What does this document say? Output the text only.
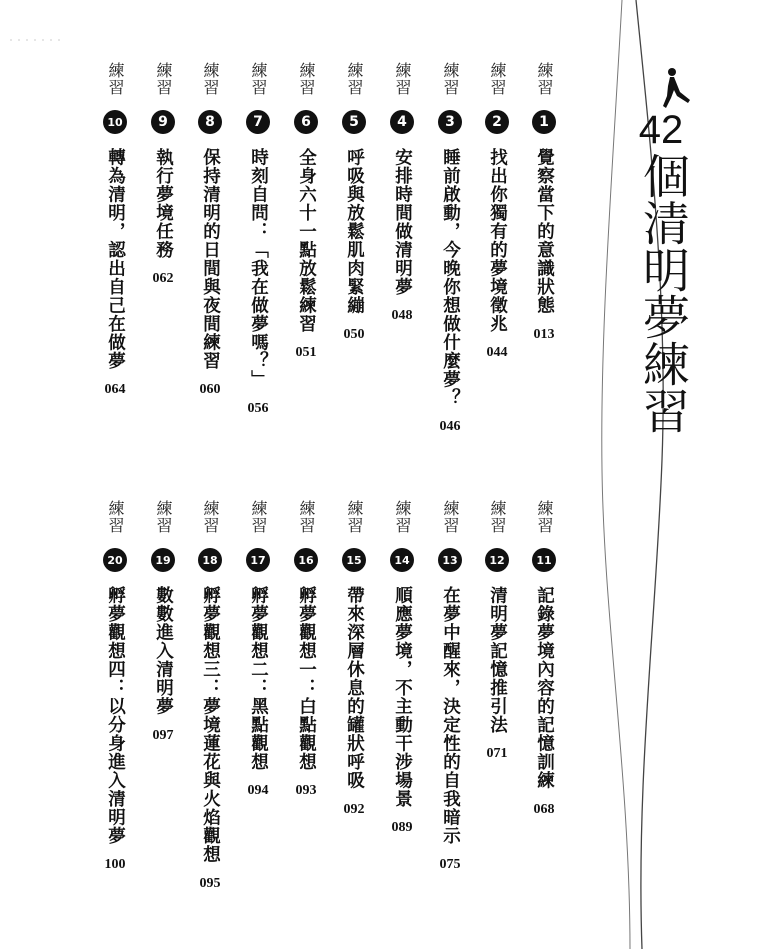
42
個清明夢練習
練習
1
覺察當下的意識狀態
013
練習
2
找出你獨有的夢境徵兆
044
練習
3
睡前啟動，今晚你想做什麼夢？
046
練習
4
安排時間做清明夢
048
練習
5
呼吸與放鬆肌肉緊繃
050
練習
6
全身六十一點放鬆練習
051
練習
7
時刻自問：「我在做夢嗎？」
056
練習
8
保持清明的日間與夜間練習
060
練習
9
執行夢境任務
062
練習
10
轉為清明，認出自己在做夢
064
練習
11
記錄夢境內容的記憶訓練
068
練習
12
清明夢記憶推引法
071
練習
13
在夢中醒來，決定性的自我暗示
075
練習
14
順應夢境，不主動干涉場景
089
練習
15
帶來深層休息的罐狀呼吸
092
練習
16
孵夢觀想一：白點觀想
093
練習
17
孵夢觀想二：黑點觀想
094
練習
18
孵夢觀想三：夢境蓮花與火焰觀想
095
練習
19
數數進入清明夢
097
練習
20
孵夢觀想四：以分身進入清明夢
100
